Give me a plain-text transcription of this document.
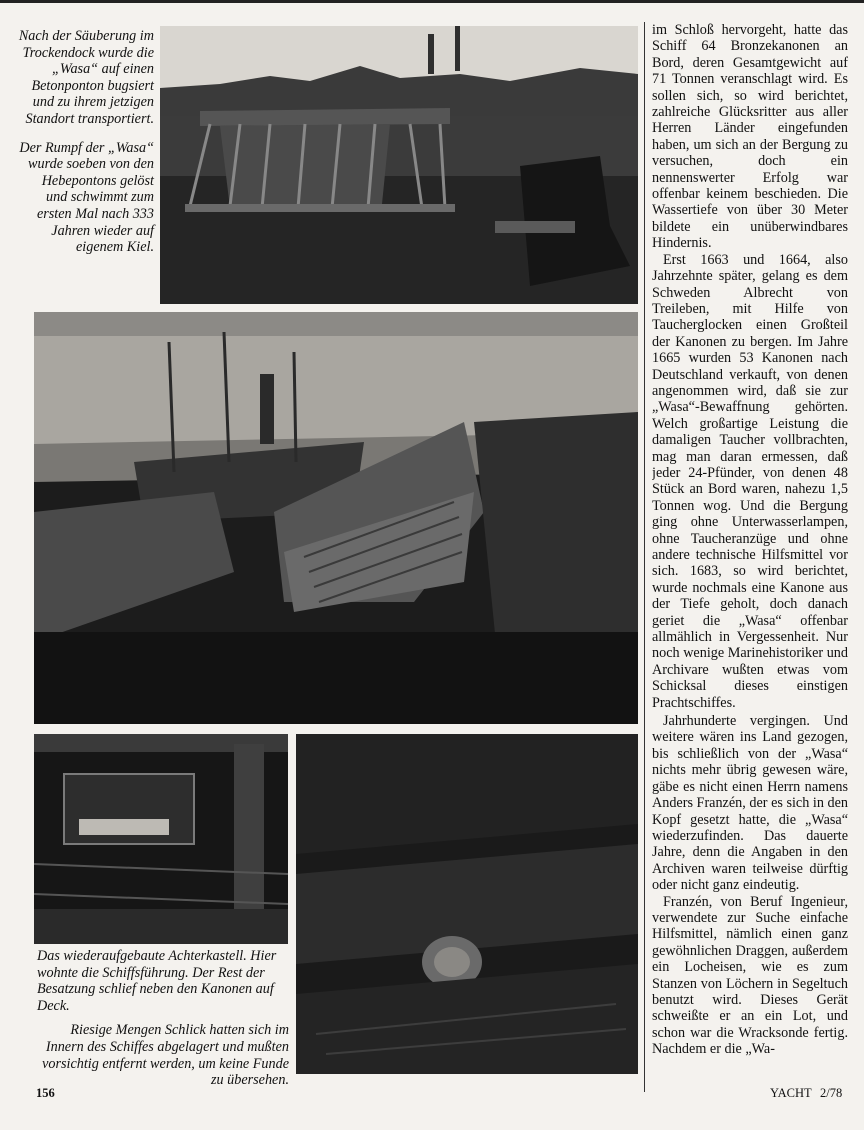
Nach der Säuberung im Trockendock wurde die „Wasa“ auf einen Betonponton bugsiert und zu ihrem jetzigen Standort transportiert.

Der Rumpf der „Wasa“ wurde soeben von den Hebepontons gelöst und schwimmt zum ersten Mal nach 333 Jahren wieder auf eigenem Kiel.

Das wiederaufgebaute Achterkastell. Hier wohnte die Schiffsführung. Der Rest der Besatzung schlief neben den Kanonen auf Deck.

Riesige Mengen Schlick hatten sich im Innern des Schiffes abgelagert und mußten vorsichtig entfernt werden, um keine Funde zu übersehen.

im Schloß hervorgeht, hatte das Schiff 64 Bronzekanonen an Bord, deren Gesamtgewicht auf 71 Tonnen veranschlagt wird. Es sollen sich, so wird berichtet, zahlreiche Glücksritter aus aller Herren Länder eingefunden haben, um sich an der Bergung zu versuchen, doch ein nennenswerter Erfolg war offenbar keinem beschieden. Die Wassertiefe von über 30 Meter bildete ein unüberwindbares Hindernis.

Erst 1663 und 1664, also Jahrzehnte später, gelang es dem Schweden Albrecht von Treileben, mit Hilfe von Taucherglocken einen Großteil der Kanonen zu bergen. Im Jahre 1665 wurden 53 Kanonen nach Deutschland verkauft, von denen angenommen wird, daß sie zur „Wasa“-Bewaffnung gehörten. Welch großartige Leistung die damaligen Taucher vollbrachten, mag man daran ermessen, daß jeder 24-Pfünder, von denen 48 Stück an Bord waren, nahezu 1,5 Tonnen wog. Und die Bergung ging ohne Unterwasserlampen, ohne Taucheranzüge und ohne andere technische Hilfsmittel vor sich. 1683, so wird berichtet, wurde nochmals eine Kanone aus der Tiefe geholt, doch danach geriet die „Wasa“ offenbar allmählich in Vergessenheit. Nur noch wenige Marinehistoriker und Archivare wußten etwas vom Schicksal dieses einstigen Prachtschiffes.

Jahrhunderte vergingen. Und weitere wären ins Land gezogen, bis schließlich von der „Wasa“ nichts mehr übrig gewesen wäre, gäbe es nicht einen Herrn namens Anders Franzén, der es sich in den Kopf gesetzt hatte, die „Wasa“ wiederzufinden. Das dauerte Jahre, denn die Angaben in den Archiven waren teilweise dürftig oder nicht ganz eindeutig.

Franzén, von Beruf Ingenieur, verwendete zur Suche einfache Hilfsmittel, nämlich einen ganz gewöhnlichen Draggen, außerdem ein Locheisen, wie es zum Stanzen von Löchern in Segeltuch benutzt wird. Dieses Gerät schweißte er an ein Lot, und schon war die Wracksonde fertig. Nachdem er die „Wa-

156	YACHT 2/78
